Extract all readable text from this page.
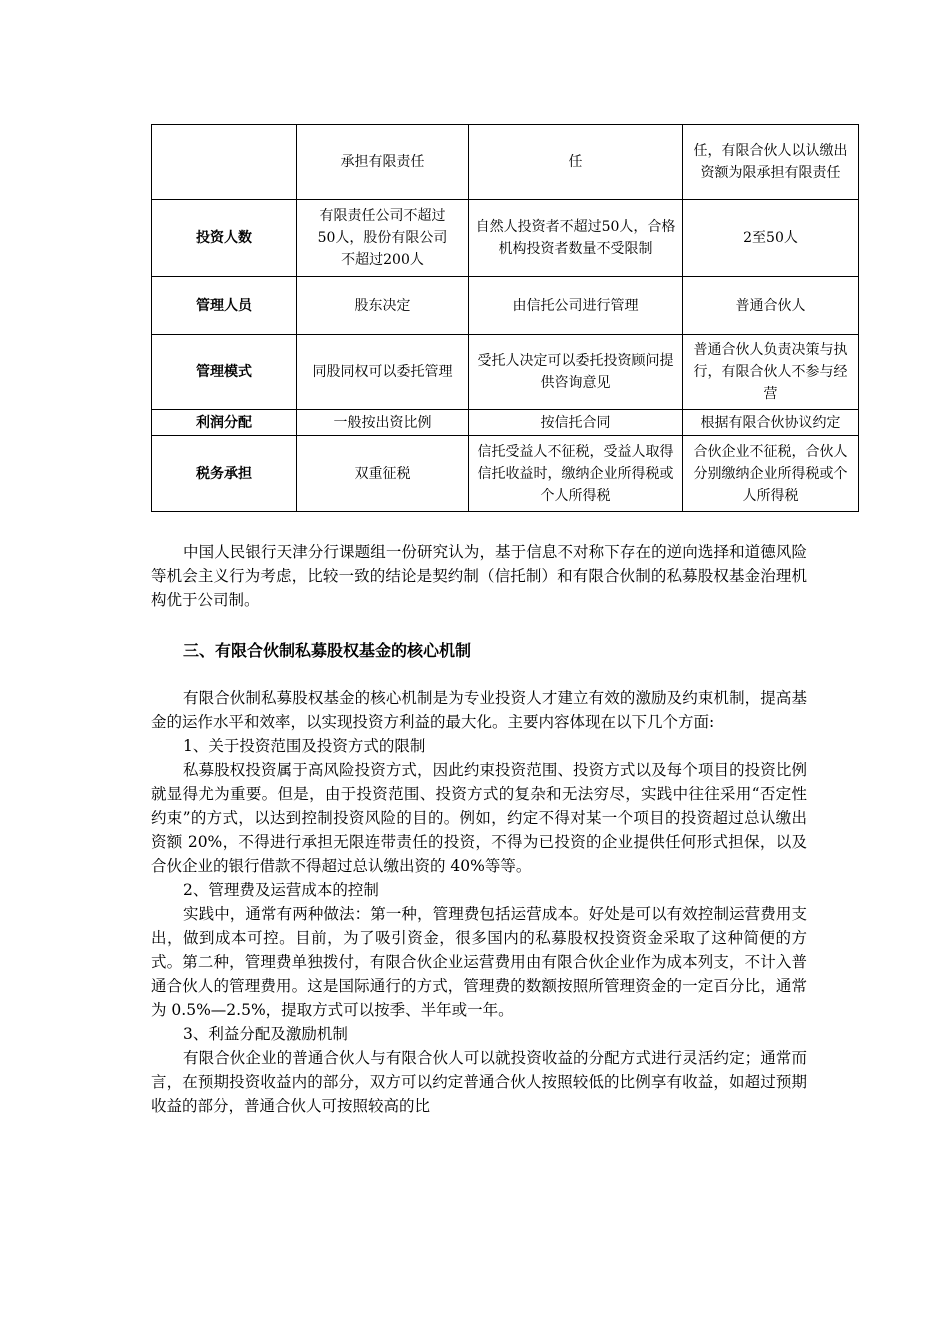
	承担有限责任	任	任，有限合伙人以认缴出资额为限承担有限责任
投资人数	有限责任公司不超过50人，股份有限公司不超过200人	自然人投资者不超过50人，合格机构投资者数量不受限制	2至50人
管理人员	股东决定	由信托公司进行管理	普通合伙人
管理模式	同股同权可以委托管理	受托人决定可以委托投资顾问提供咨询意见	普通合伙人负责决策与执行，有限合伙人不参与经营
利润分配	一般按出资比例	按信托合同	根据有限合伙协议约定
税务承担	双重征税	信托受益人不征税，受益人取得信托收益时，缴纳企业所得税或个人所得税	合伙企业不征税，合伙人分别缴纳企业所得税或个人所得税

中国人民银行天津分行课题组一份研究认为，基于信息不对称下存在的逆向选择和道德风险等机会主义行为考虑，比较一致的结论是契约制（信托制）和有限合伙制的私募股权基金治理机构优于公司制。

三、有限合伙制私募股权基金的核心机制

有限合伙制私募股权基金的核心机制是为专业投资人才建立有效的激励及约束机制，提高基金的运作水平和效率，以实现投资方利益的最大化。主要内容体现在以下几个方面:

1、关于投资范围及投资方式的限制

私募股权投资属于高风险投资方式，因此约束投资范围、投资方式以及每个项目的投资比例就显得尤为重要。但是，由于投资范围、投资方式的复杂和无法穷尽，实践中往往采用“否定性约束”的方式，以达到控制投资风险的目的。例如，约定不得对某一个项目的投资超过总认缴出资额 20%，不得进行承担无限连带责任的投资，不得为已投资的企业提供任何形式担保，以及合伙企业的银行借款不得超过总认缴出资的 40%等等。

2、管理费及运营成本的控制

实践中，通常有两种做法：第一种，管理费包括运营成本。好处是可以有效控制运营费用支出，做到成本可控。目前，为了吸引资金，很多国内的私募股权投资资金采取了这种简便的方式。第二种，管理费单独拨付，有限合伙企业运营费用由有限合伙企业作为成本列支，不计入普通合伙人的管理费用。这是国际通行的方式，管理费的数额按照所管理资金的一定百分比，通常为 0.5%—2.5%，提取方式可以按季、半年或一年。

3、利益分配及激励机制

有限合伙企业的普通合伙人与有限合伙人可以就投资收益的分配方式进行灵活约定；通常而言，在预期投资收益内的部分，双方可以约定普通合伙人按照较低的比例享有收益，如超过预期收益的部分，普通合伙人可按照较高的比
